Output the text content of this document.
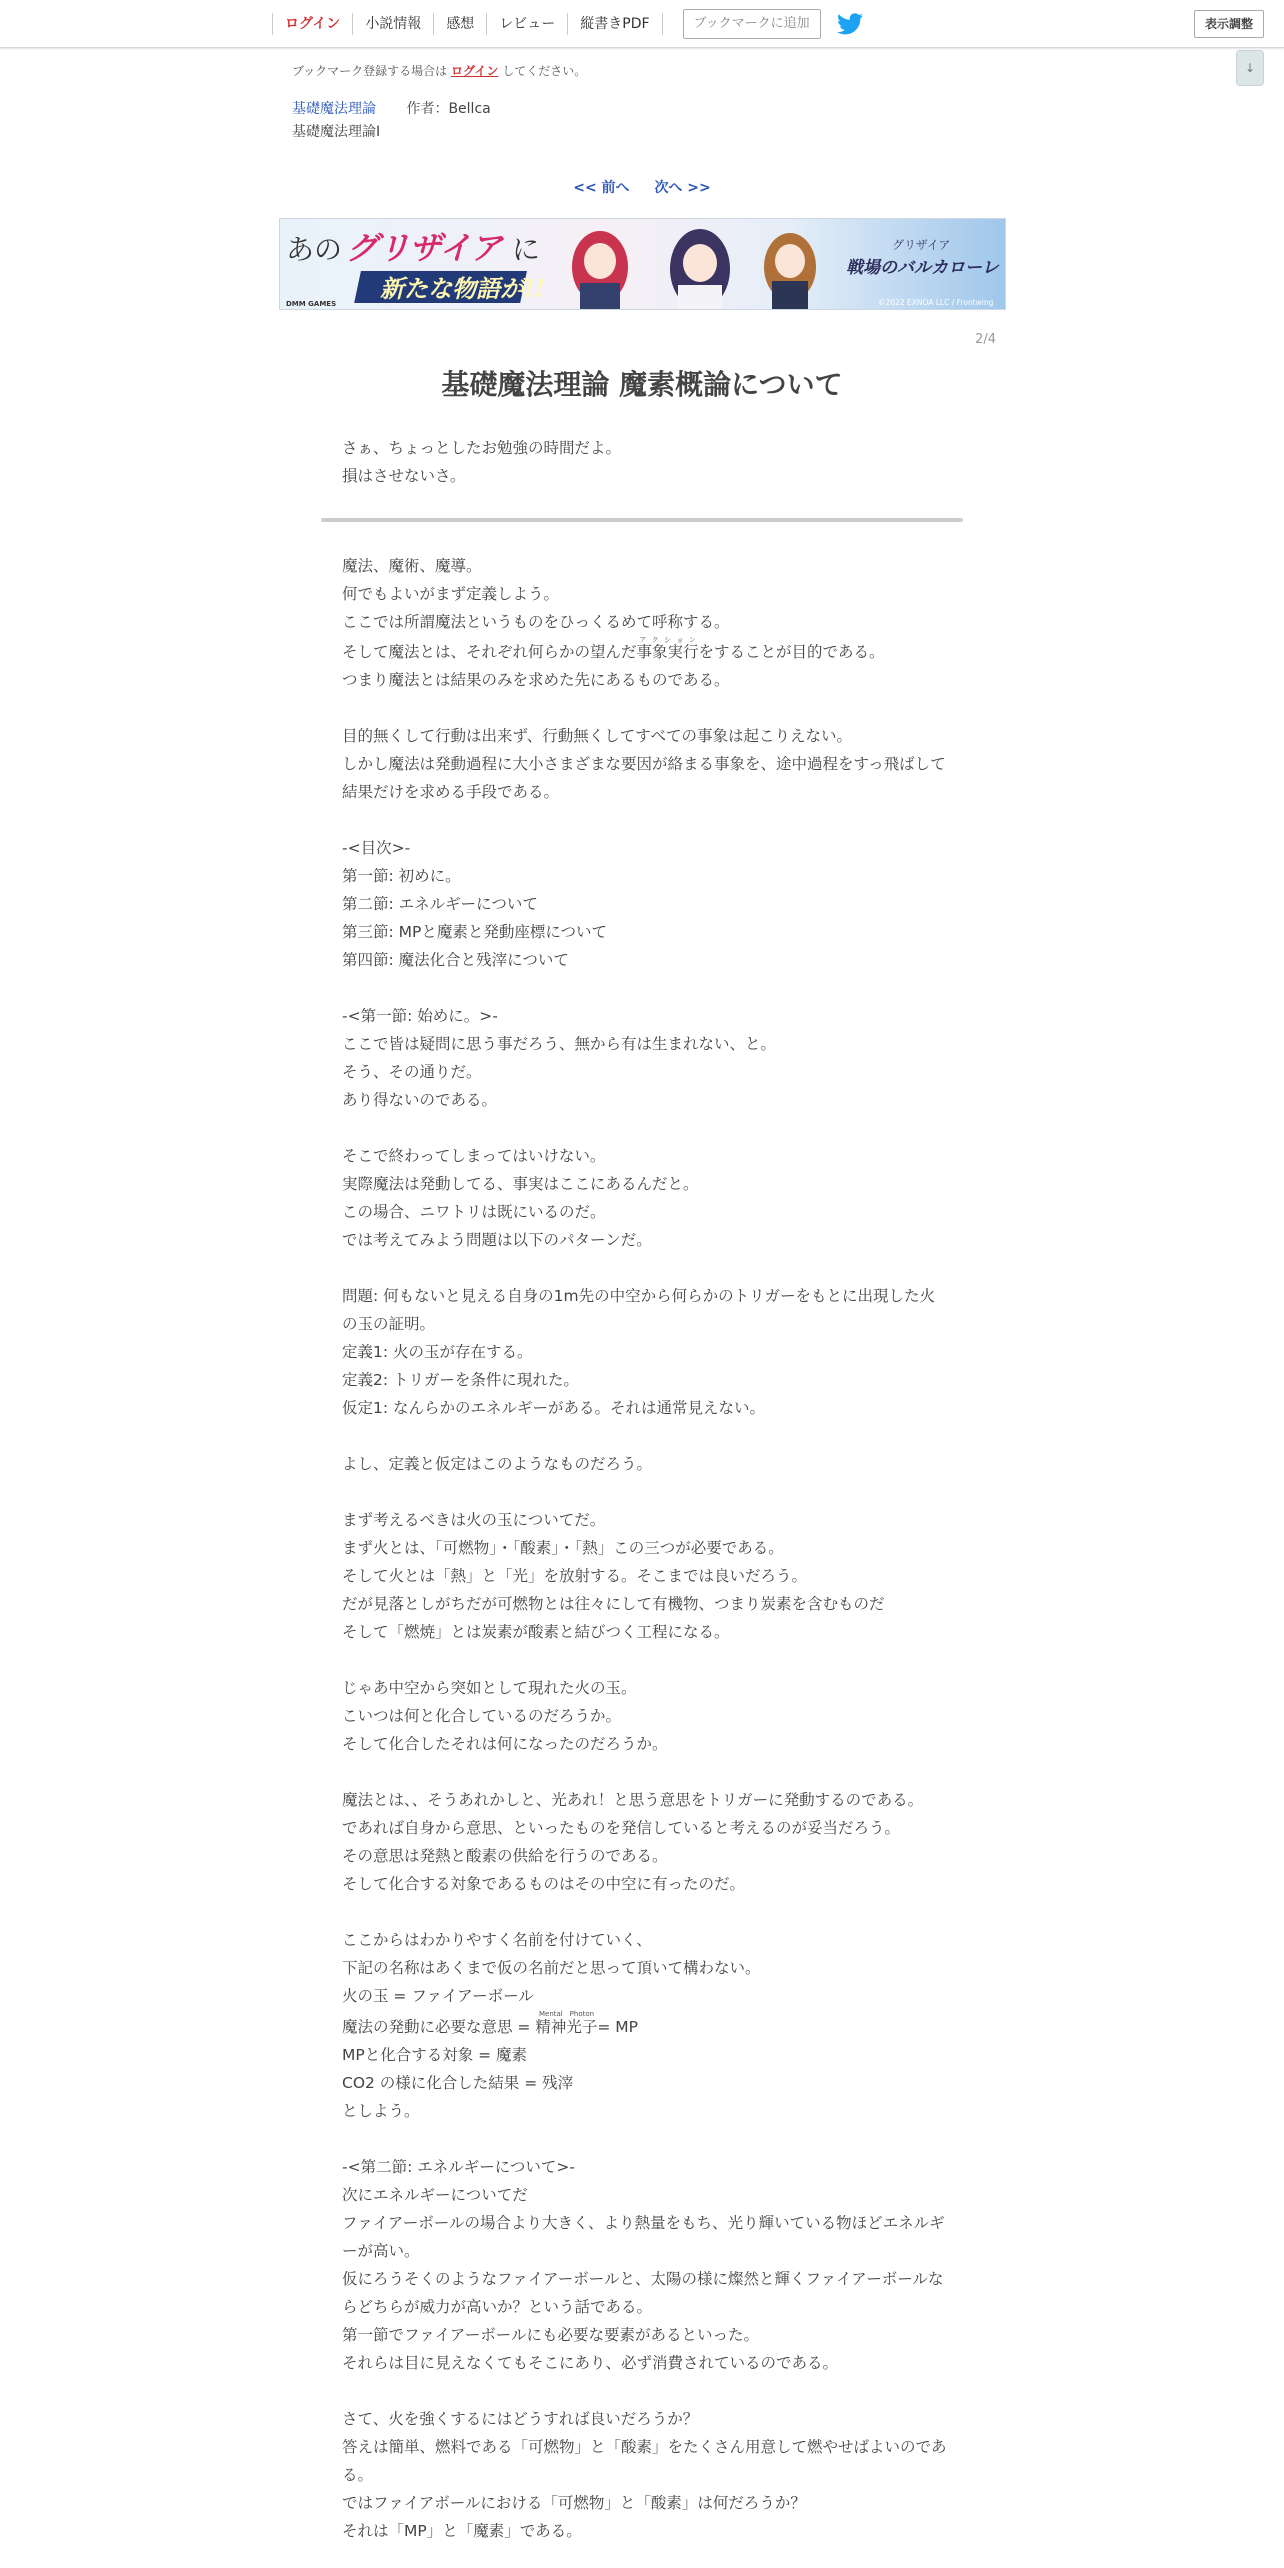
ログイン	小説情報	感想	レビュー	縦書きPDF	ブックマークに追加	表示調整
↓
ブックマーク登録する場合は ログイン してください。
基礎魔法理論 作者：Bellca
基礎魔法理論Ⅰ
<< 前へ 次へ >>
あの グリザイア に
新たな物語が!!
グリザイア
戦場のバルカローレ
DMM GAMES	©2022 EXNOA LLC / Frontwing
2/4
基礎魔法理論 魔素概論について

さぁ、ちょっとしたお勉強の時間だよ。

損はさせないさ。

魔法、魔術、魔導。

何でもよいがまず定義しよう。

ここでは所謂魔法というものをひっくるめて呼称する。

そして魔法とは、それぞれ何らかの望んだ事象実行アクションをすることが目的である。

つまり魔法とは結果のみを求めた先にあるものである。

目的無くして行動は出来ず、行動無くしてすべての事象は起こりえない。

しかし魔法は発動過程に大小さまざまな要因が絡まる事象を、途中過程をすっ飛ばして結果だけを求める手段である。

-<目次>-

第一節: 初めに。

第二節: エネルギーについて

第三節: MPと魔素と発動座標について

第四節: 魔法化合と残滓について

-<第一節: 始めに。>-

ここで皆は疑問に思う事だろう、無から有は生まれない、と。

そう、その通りだ。

あり得ないのである。

そこで終わってしまってはいけない。

実際魔法は発動してる、事実はここにあるんだと。

この場合、ニワトリは既にいるのだ。

では考えてみよう問題は以下のパターンだ。

問題: 何もないと見える自身の1m先の中空から何らかのトリガーをもとに出現した火の玉の証明。

定義1: 火の玉が存在する。

定義2: トリガーを条件に現れた。

仮定1: なんらかのエネルギーがある。それは通常見えない。

よし、定義と仮定はこのようなものだろう。

まず考えるべきは火の玉についてだ。

まず火とは、「可燃物」・「酸素」・「熱」この三つが必要である。

そして火とは「熱」と「光」を放射する。そこまでは良いだろう。

だが見落としがちだが可燃物とは往々にして有機物、つまり炭素を含むものだ

そして「燃焼」とは炭素が酸素と結びつく工程になる。

じゃあ中空から突如として現れた火の玉。

こいつは何と化合しているのだろうか。

そして化合したそれは何になったのだろうか。

魔法とは、、そうあれかしと、光あれ！と思う意思をトリガーに発動するのである。

であれば自身から意思、といったものを発信していると考えるのが妥当だろう。

その意思は発熱と酸素の供給を行うのである。

そして化合する対象であるものはその中空に有ったのだ。

ここからはわかりやすく名前を付けていく、

下記の名称はあくまで仮の名前だと思って頂いて構わない。

火の玉 = ファイアーボール

魔法の発動に必要な意思 = 精神Mental光子Photon= MP

MPと化合する対象 = 魔素

CO2 の様に化合した結果 = 残滓

としよう。

-<第二節: エネルギーについて>-

次にエネルギーについてだ

ファイアーボールの場合より大きく、より熱量をもち、光り輝いている物ほどエネルギーが高い。

仮にろうそくのようなファイアーボールと、太陽の様に燦然と輝くファイアーボールならどちらが威力が高いか？という話である。

第一節でファイアーボールにも必要な要素があるといった。

それらは目に見えなくてもそこにあり、必ず消費されているのである。

さて、火を強くするにはどうすれば良いだろうか？

答えは簡単、燃料である「可燃物」と「酸素」をたくさん用意して燃やせばよいのである。

ではファイアボールにおける「可燃物」と「酸素」は何だろうか？

それは「MP」と「魔素」である。
